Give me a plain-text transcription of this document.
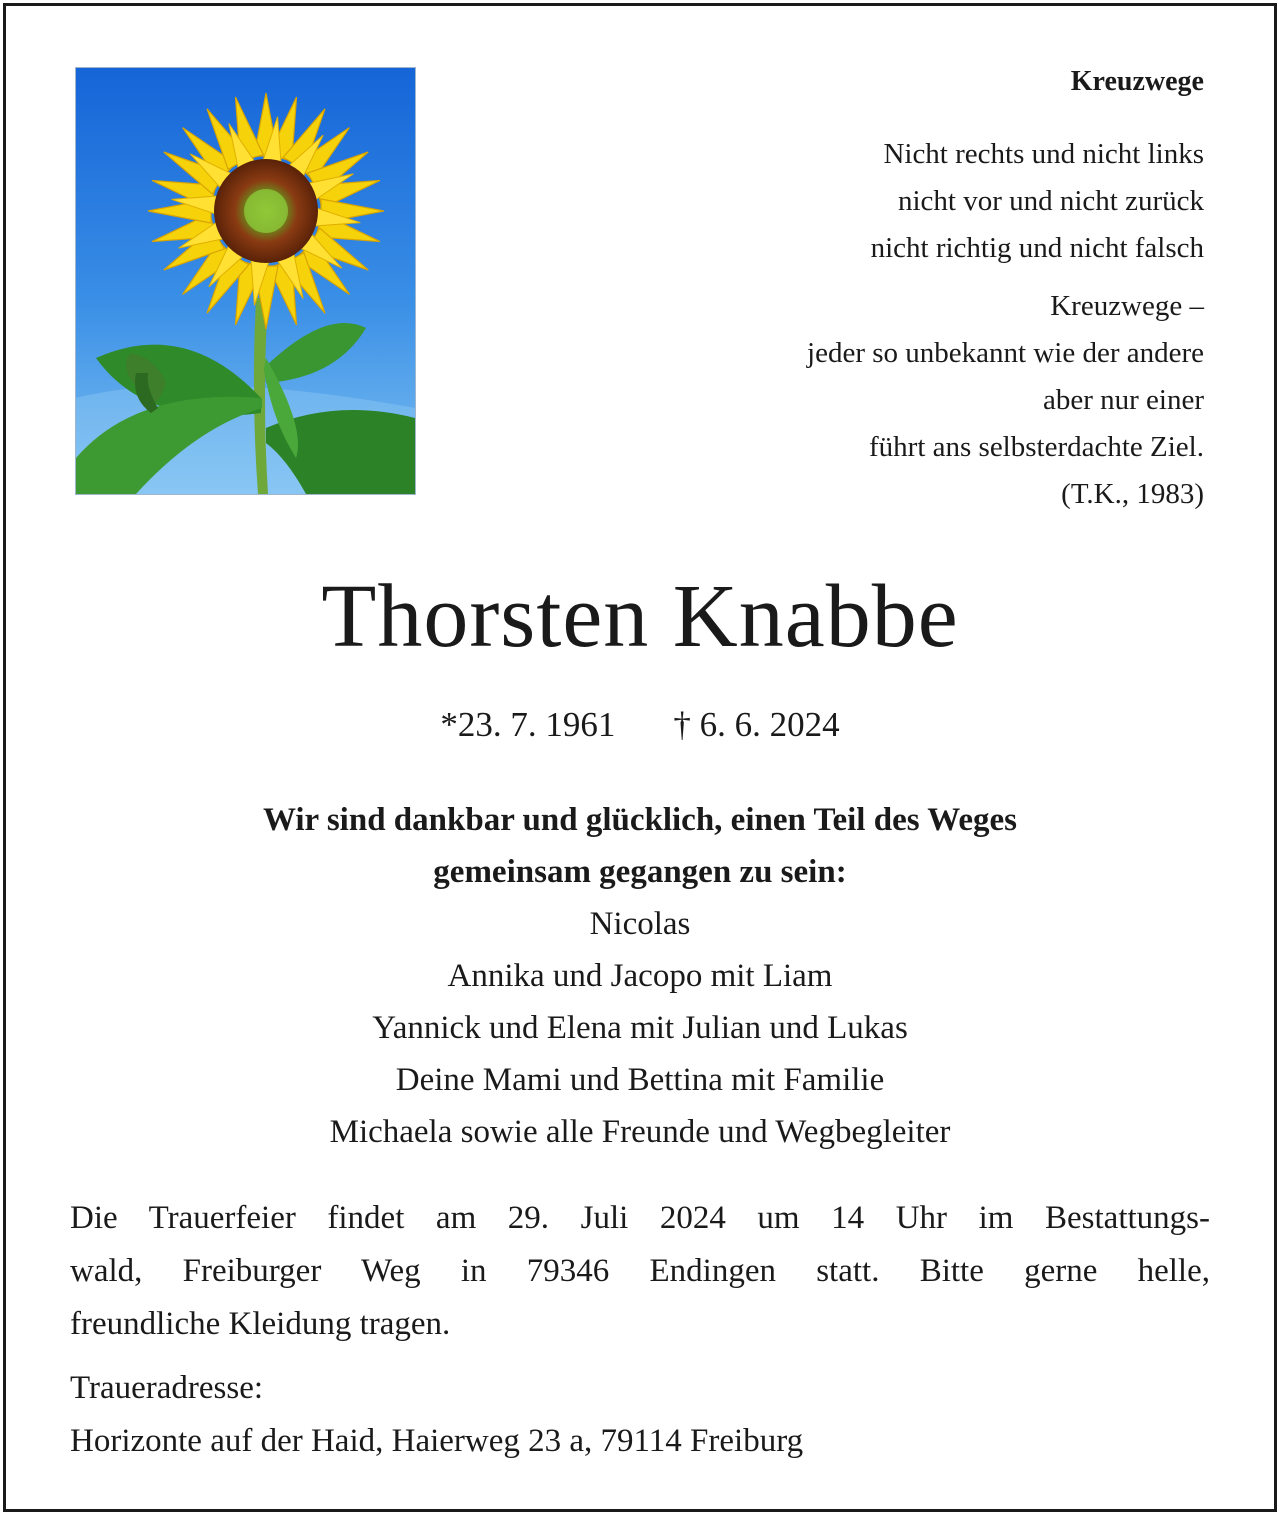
Kreuzwege
Nicht rechts und nicht links
nicht vor und nicht zurück
nicht richtig und nicht falsch
Kreuzwege –
jeder so unbekannt wie der andere
aber nur einer
führt ans selbsterdachte Ziel.
(T.K., 1983)
Thorsten Knabbe
*23. 7. 1961 † 6. 6. 2024
Wir sind dankbar und glücklich, einen Teil des Weges
gemeinsam gegangen zu sein:
Nicolas
Annika und Jacopo mit Liam
Yannick und Elena mit Julian und Lukas
Deine Mami und Bettina mit Familie
Michaela sowie alle Freunde und Wegbegleiter
Die Trauerfeier findet am 29. Juli 2024 um 14 Uhr im Bestattungs-
wald, Freiburger Weg in 79346 Endingen statt. Bitte gerne helle,
freundliche Kleidung tragen.
Traueradresse:
Horizonte auf der Haid, Haierweg 23 a, 79114 Freiburg
